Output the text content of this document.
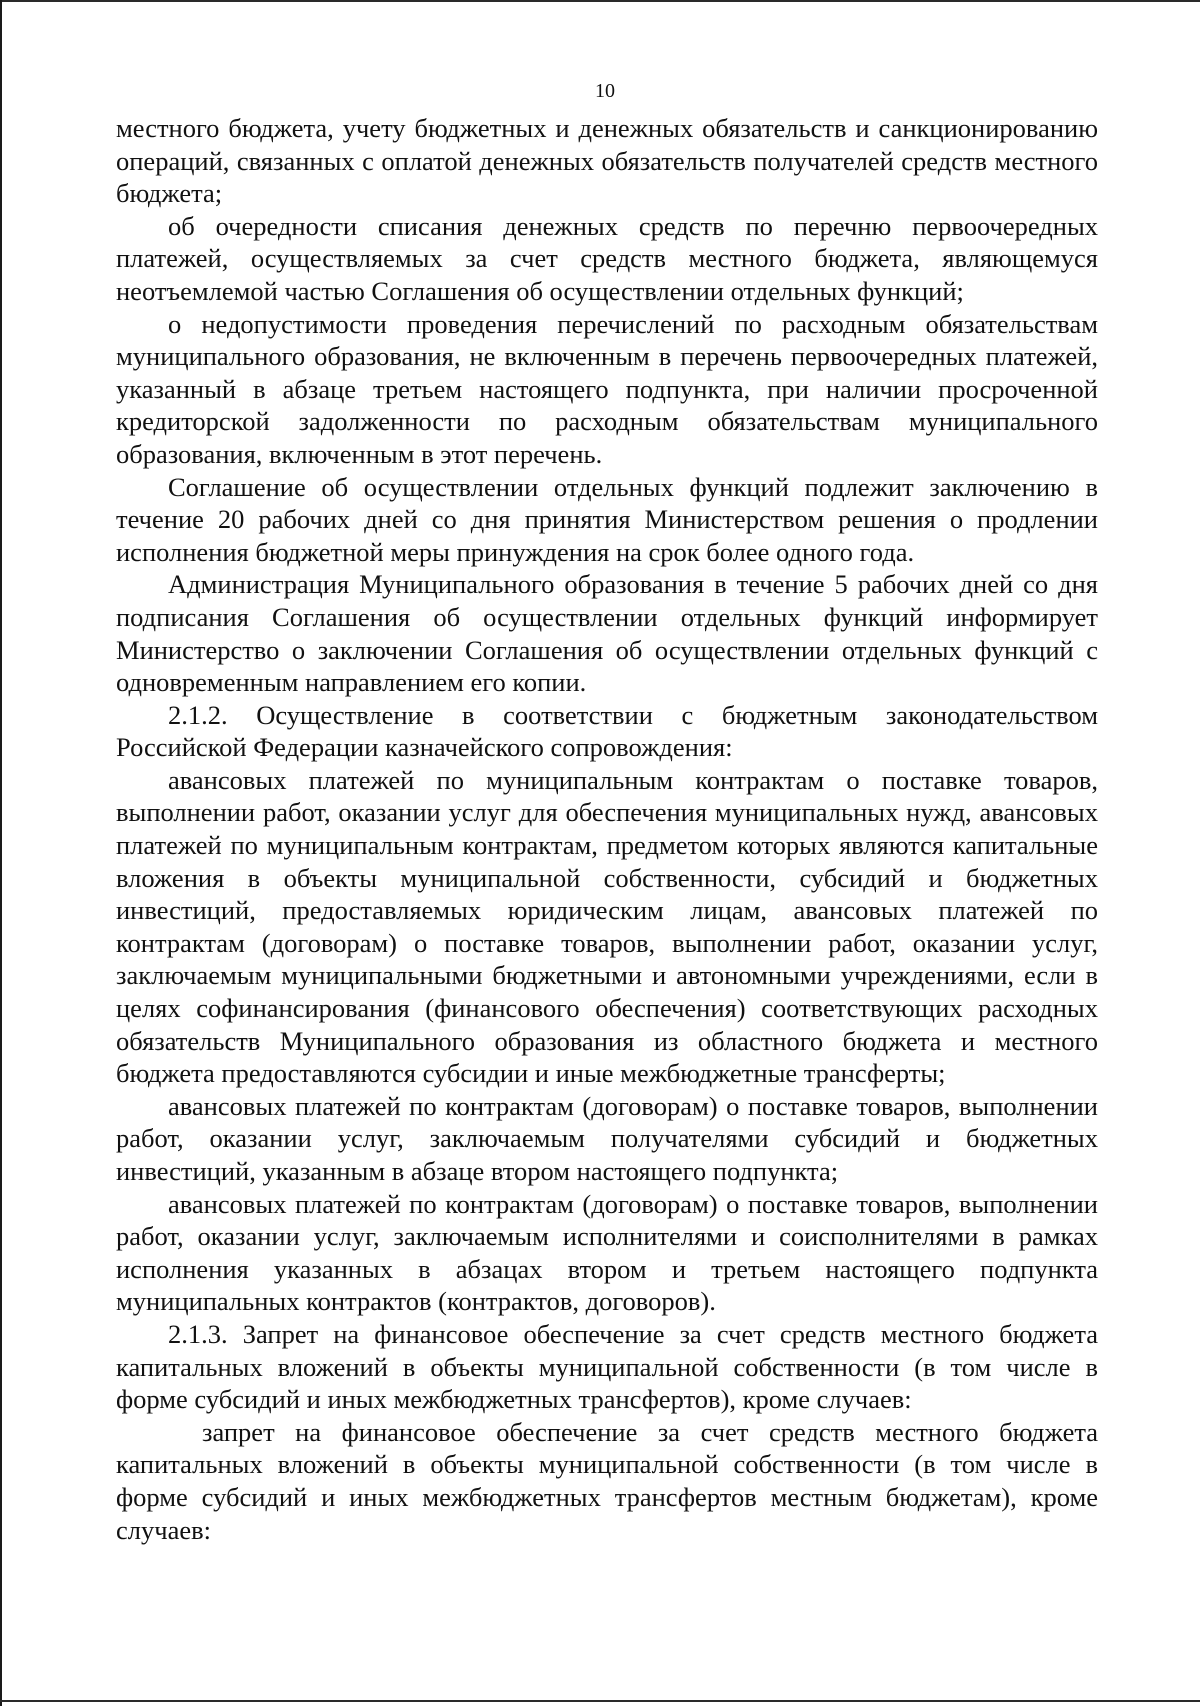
10

местного бюджета, учету бюджетных и денежных обязательств и санкционированию операций, связанных с оплатой денежных обязательств получателей средств местного бюджета;

об очередности списания денежных средств по перечню первоочередных платежей, осуществляемых за счет средств местного бюджета, являющемуся неотъемлемой частью Соглашения об осуществлении отдельных функций;

о недопустимости проведения перечислений по расходным обязательствам муниципального образования, не включенным в перечень первоочередных платежей, указанный в абзаце третьем настоящего подпункта, при наличии просроченной кредиторской задолженности по расходным обязательствам муниципального образования, включенным в этот перечень.

Соглашение об осуществлении отдельных функций подлежит заключению в течение 20 рабочих дней со дня принятия Министерством решения о продлении исполнения бюджетной меры принуждения на срок более одного года.

Администрация Муниципального образования в течение 5 рабочих дней со дня подписания Соглашения об осуществлении отдельных функций информирует Министерство о заключении Соглашения об осуществлении отдельных функций с одновременным направлением его копии.

2.1.2. Осуществление в соответствии с бюджетным законодательством Российской Федерации казначейского сопровождения:

авансовых платежей по муниципальным контрактам о поставке товаров, выполнении работ, оказании услуг для обеспечения муниципальных нужд, авансовых платежей по муниципальным контрактам, предметом которых являются капитальные вложения в объекты муниципальной собственности, субсидий и бюджетных инвестиций, предоставляемых юридическим лицам, авансовых платежей по контрактам (договорам) о поставке товаров, выполнении работ, оказании услуг, заключаемым муниципальными бюджетными и автономными учреждениями, если в целях софинансирования (финансового обеспечения) соответствующих расходных обязательств Муниципального образования из областного бюджета и местного бюджета предоставляются субсидии и иные межбюджетные трансферты;

авансовых платежей по контрактам (договорам) о поставке товаров, выполнении работ, оказании услуг, заключаемым получателями субсидий и бюджетных инвестиций, указанным в абзаце втором настоящего подпункта;

авансовых платежей по контрактам (договорам) о поставке товаров, выполнении работ, оказании услуг, заключаемым исполнителями и соисполнителями в рамках исполнения указанных в абзацах втором и третьем настоящего подпункта муниципальных контрактов (контрактов, договоров).

2.1.3. Запрет на финансовое обеспечение за счет средств местного бюджета капитальных вложений в объекты муниципальной собственности (в том числе в форме субсидий и иных межбюджетных трансфертов), кроме случаев:

запрет на финансовое обеспечение за счет средств местного бюджета капитальных вложений в объекты муниципальной собственности (в том числе в форме субсидий и иных межбюджетных трансфертов местным бюджетам), кроме случаев:
